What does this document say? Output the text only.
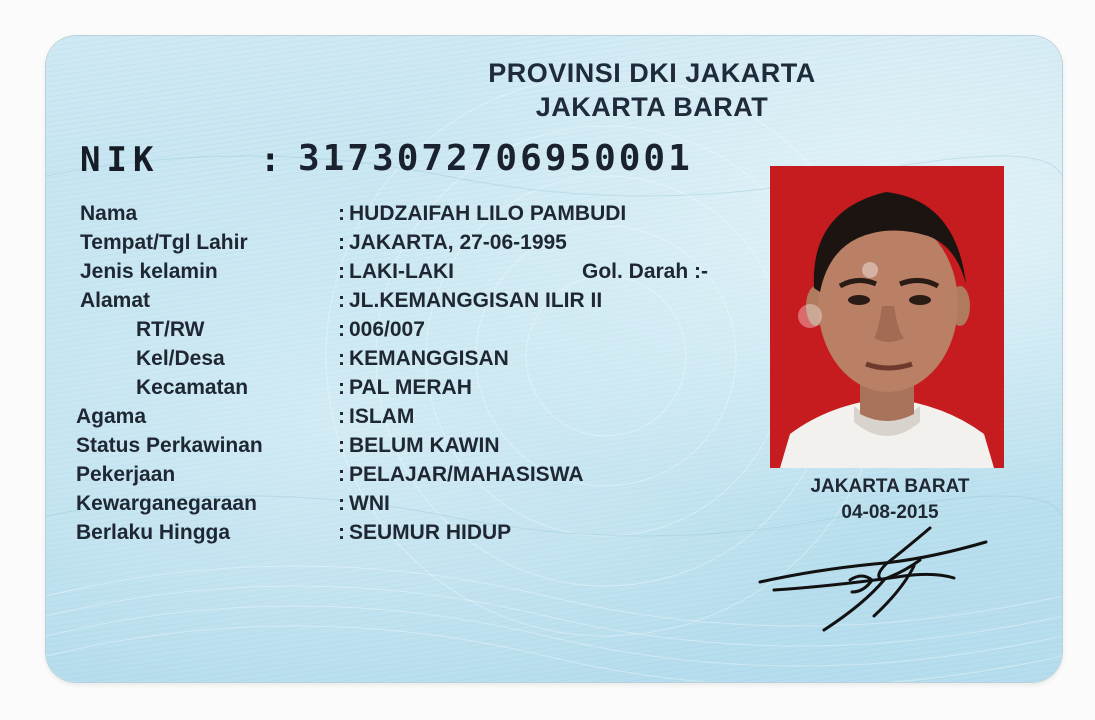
PROVINSI DKI JAKARTA
JAKARTA BARAT
NIK	: 3173072706950001
Nama	: HUDZAIFAH LILO PAMBUDI
Tempat/Tgl Lahir	: JAKARTA, 27-06-1995
Jenis kelamin	: LAKI-LAKI	Gol. Darah :-
Alamat	: JL.KEMANGGISAN ILIR II
RT/RW	: 006/007
Kel/Desa	: KEMANGGISAN
Kecamatan	: PAL MERAH
Agama	: ISLAM
Status Perkawinan	: BELUM KAWIN
Pekerjaan	: PELAJAR/MAHASISWA
Kewarganegaraan	: WNI
Berlaku Hingga	: SEUMUR HIDUP
JAKARTA BARAT
04-08-2015
